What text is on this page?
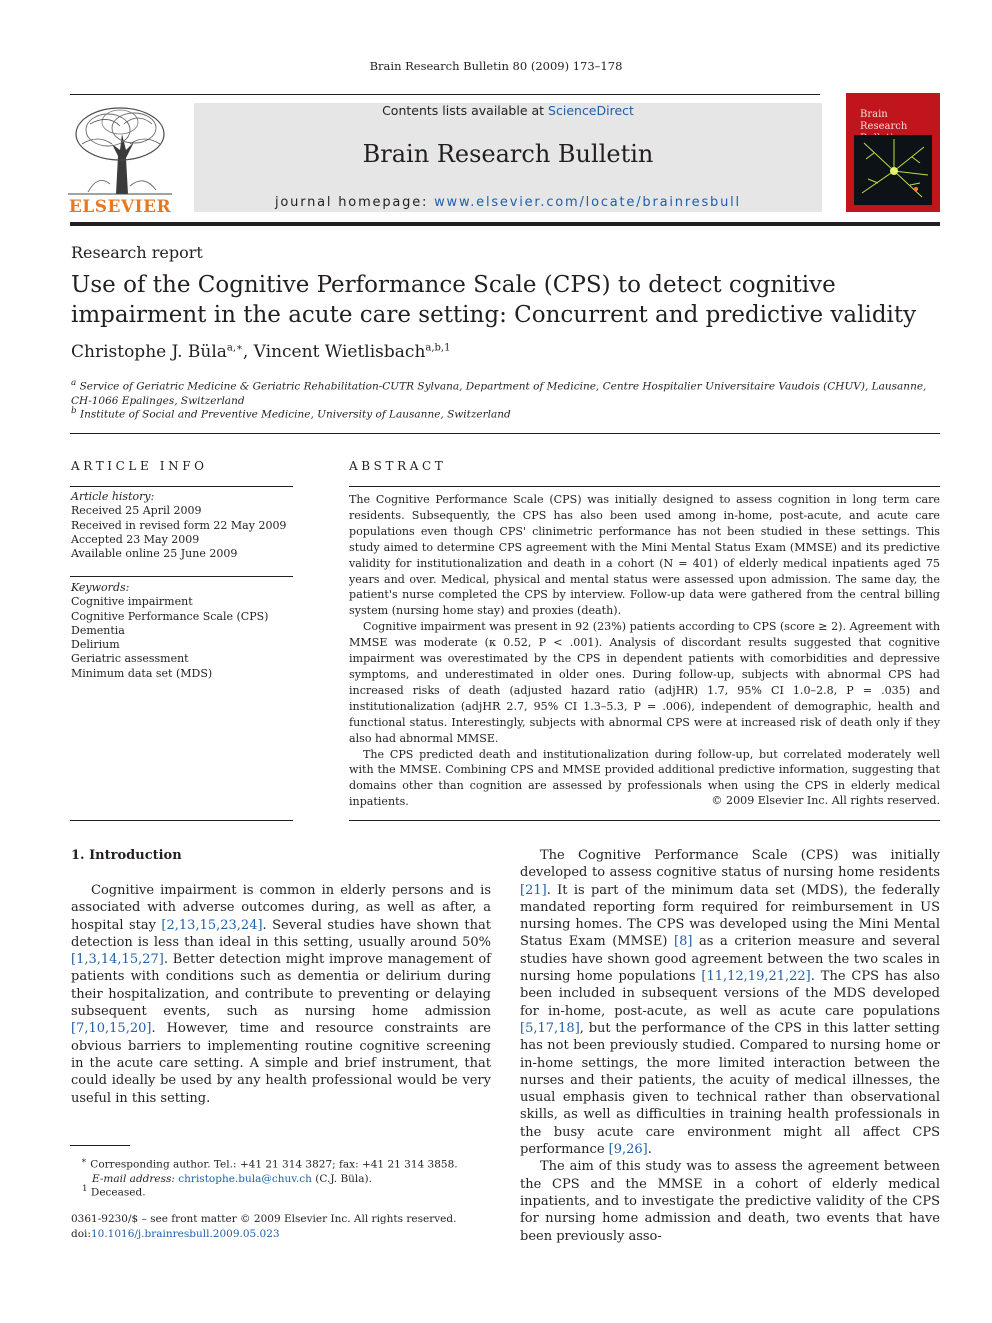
Brain Research Bulletin 80 (2009) 173–178
ELSEVIER
Contents lists available at ScienceDirect
Brain Research Bulletin
journal homepage: www.elsevier.com/locate/brainresbull
Brain Research
Research report
Use of the Cognitive Performance Scale (CPS) to detect cognitive impairment in the acute care setting: Concurrent and predictive validity
Christophe J. Büla$^{a,∗}$, Vincent Wietlisbach$^{a,b,1}$
$^a$ Service of Geriatric Medicine & Geriatric Rehabilitation-CUTR Sylvana, Department of Medicine, Centre Hospitalier Universitaire Vaudois (CHUV), Lausanne, CH-1066 Epalinges, Switzerland
$^b$ Institute of Social and Preventive Medicine, University of Lausanne, Switzerland
ARTICLE INFO
Article history:
Received 25 April 2009
Received in revised form 22 May 2009
Accepted 23 May 2009
Available online 25 June 2009
Keywords:
Cognitive impairment
Cognitive Performance Scale (CPS)
Dementia
Delirium
Geriatric assessment
Minimum data set (MDS)
ABSTRACT

The Cognitive Performance Scale (CPS) was initially designed to assess cognition in long term care residents. Subsequently, the CPS has also been used among in-home, post-acute, and acute care populations even though CPS' clinimetric performance has not been studied in these settings. This study aimed to determine CPS agreement with the Mini Mental Status Exam (MMSE) and its predictive validity for institutionalization and death in a cohort (N = 401) of elderly medical inpatients aged 75 years and over. Medical, physical and mental status were assessed upon admission. The same day, the patient's nurse completed the CPS by interview. Follow-up data were gathered from the central billing system (nursing home stay) and proxies (death).

Cognitive impairment was present in 92 (23%) patients according to CPS (score ≥ 2). Agreement with MMSE was moderate (κ 0.52, P < .001). Analysis of discordant results suggested that cognitive impairment was overestimated by the CPS in dependent patients with comorbidities and depressive symptoms, and underestimated in older ones. During follow-up, subjects with abnormal CPS had increased risks of death (adjusted hazard ratio (adjHR) 1.7, 95% CI 1.0–2.8, P = .035) and institutionalization (adjHR 2.7, 95% CI 1.3–5.3, P = .006), independent of demographic, health and functional status. Interestingly, subjects with abnormal CPS were at increased risk of death only if they also had abnormal MMSE.

The CPS predicted death and institutionalization during follow-up, but correlated moderately well with the MMSE. Combining CPS and MMSE provided additional predictive information, suggesting that domains other than cognition are assessed by professionals when using the CPS in elderly medical inpatients.	© 2009 Elsevier Inc. All rights reserved.
1. Introduction

Cognitive impairment is common in elderly persons and is associated with adverse outcomes during, as well as after, a hospital stay [2,13,15,23,24]. Several studies have shown that detection is less than ideal in this setting, usually around 50% [1,3,14,15,27]. Better detection might improve management of patients with conditions such as dementia or delirium during their hospitalization, and contribute to preventing or delaying subsequent events, such as nursing home admission [7,10,15,20]. However, time and resource constraints are obvious barriers to implementing routine cognitive screening in the acute care setting. A simple and brief instrument, that could ideally be used by any health professional would be very useful in this setting.

The Cognitive Performance Scale (CPS) was initially developed to assess cognitive status of nursing home residents [21]. It is part of the minimum data set (MDS), the federally mandated reporting form required for reimbursement in US nursing homes. The CPS was developed using the Mini Mental Status Exam (MMSE) [8] as a criterion measure and several studies have shown good agreement between the two scales in nursing home populations [11,12,19,21,22]. The CPS has also been included in subsequent versions of the MDS developed for in-home, post-acute, as well as acute care populations [5,17,18], but the performance of the CPS in this latter setting has not been previously studied. Compared to nursing home or in-home settings, the more limited interaction between the nurses and their patients, the acuity of medical illnesses, the usual emphasis given to technical rather than observational skills, as well as difficulties in training health professionals in the busy acute care environment might all affect CPS performance [9,26].

The aim of this study was to assess the agreement between the CPS and the MMSE in a cohort of elderly medical inpatients, and to investigate the predictive validity of the CPS for nursing home admission and death, two events that have been previously asso-

∗ Corresponding author. Tel.: +41 21 314 3827; fax: +41 21 314 3858.
E-mail address: christophe.bula@chuv.ch (C.J. Büla).
$^1$ Deceased.
0361-9230/$ – see front matter © 2009 Elsevier Inc. All rights reserved.
doi:10.1016/j.brainresbull.2009.05.023
